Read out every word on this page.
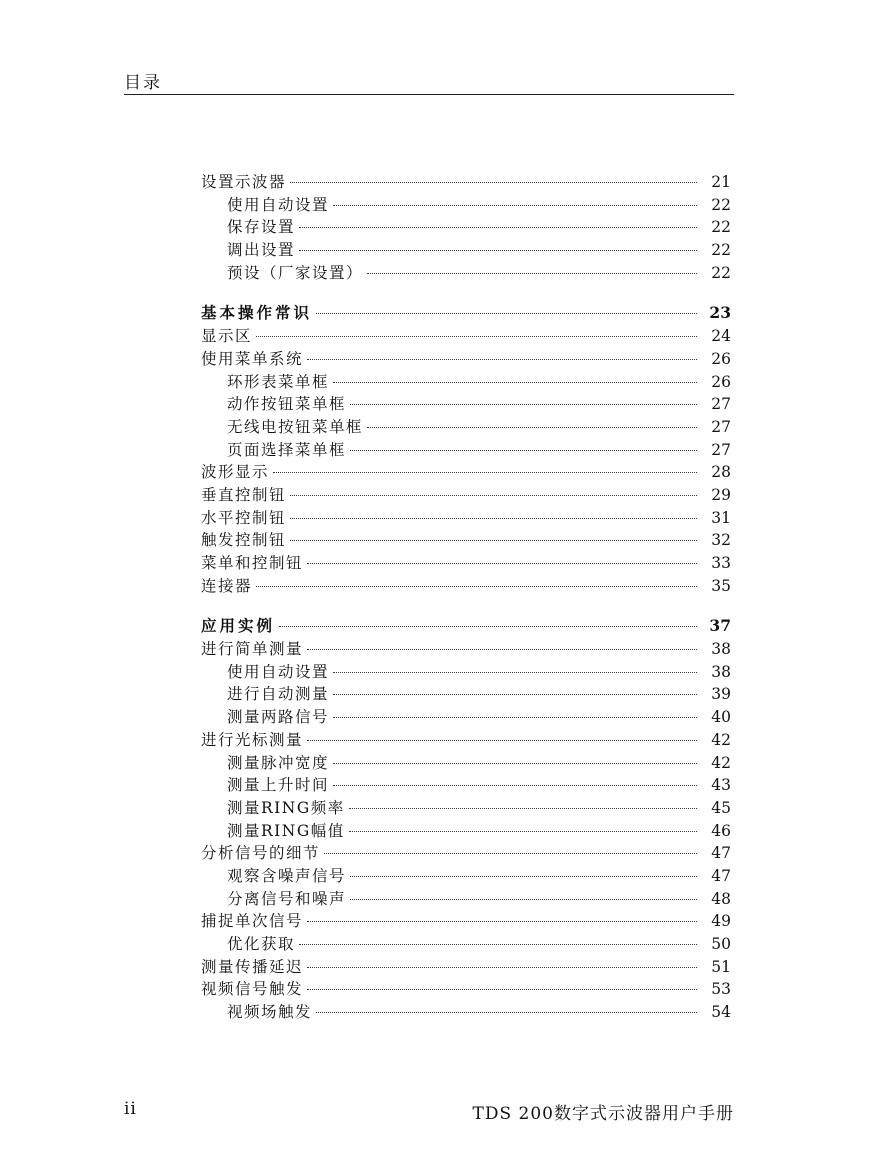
目录
设置示波器	21
使用自动设置	22
保存设置	22
调出设置	22
预设（厂家设置）	22
基本操作常识	23
显示区	24
使用菜单系统	26
环形表菜单框	26
动作按钮菜单框	27
无线电按钮菜单框	27
页面选择菜单框	27
波形显示	28
垂直控制钮	29
水平控制钮	31
触发控制钮	32
菜单和控制钮	33
连接器	35
应用实例	37
进行简单测量	38
使用自动设置	38
进行自动测量	39
测量两路信号	40
进行光标测量	42
测量脉冲宽度	42
测量上升时间	43
测量RING频率	45
测量RING幅值	46
分析信号的细节	47
观察含噪声信号	47
分离信号和噪声	48
捕捉单次信号	49
优化获取	50
测量传播延迟	51
视频信号触发	53
视频场触发	54
ii	TDS 200数字式示波器用户手册
